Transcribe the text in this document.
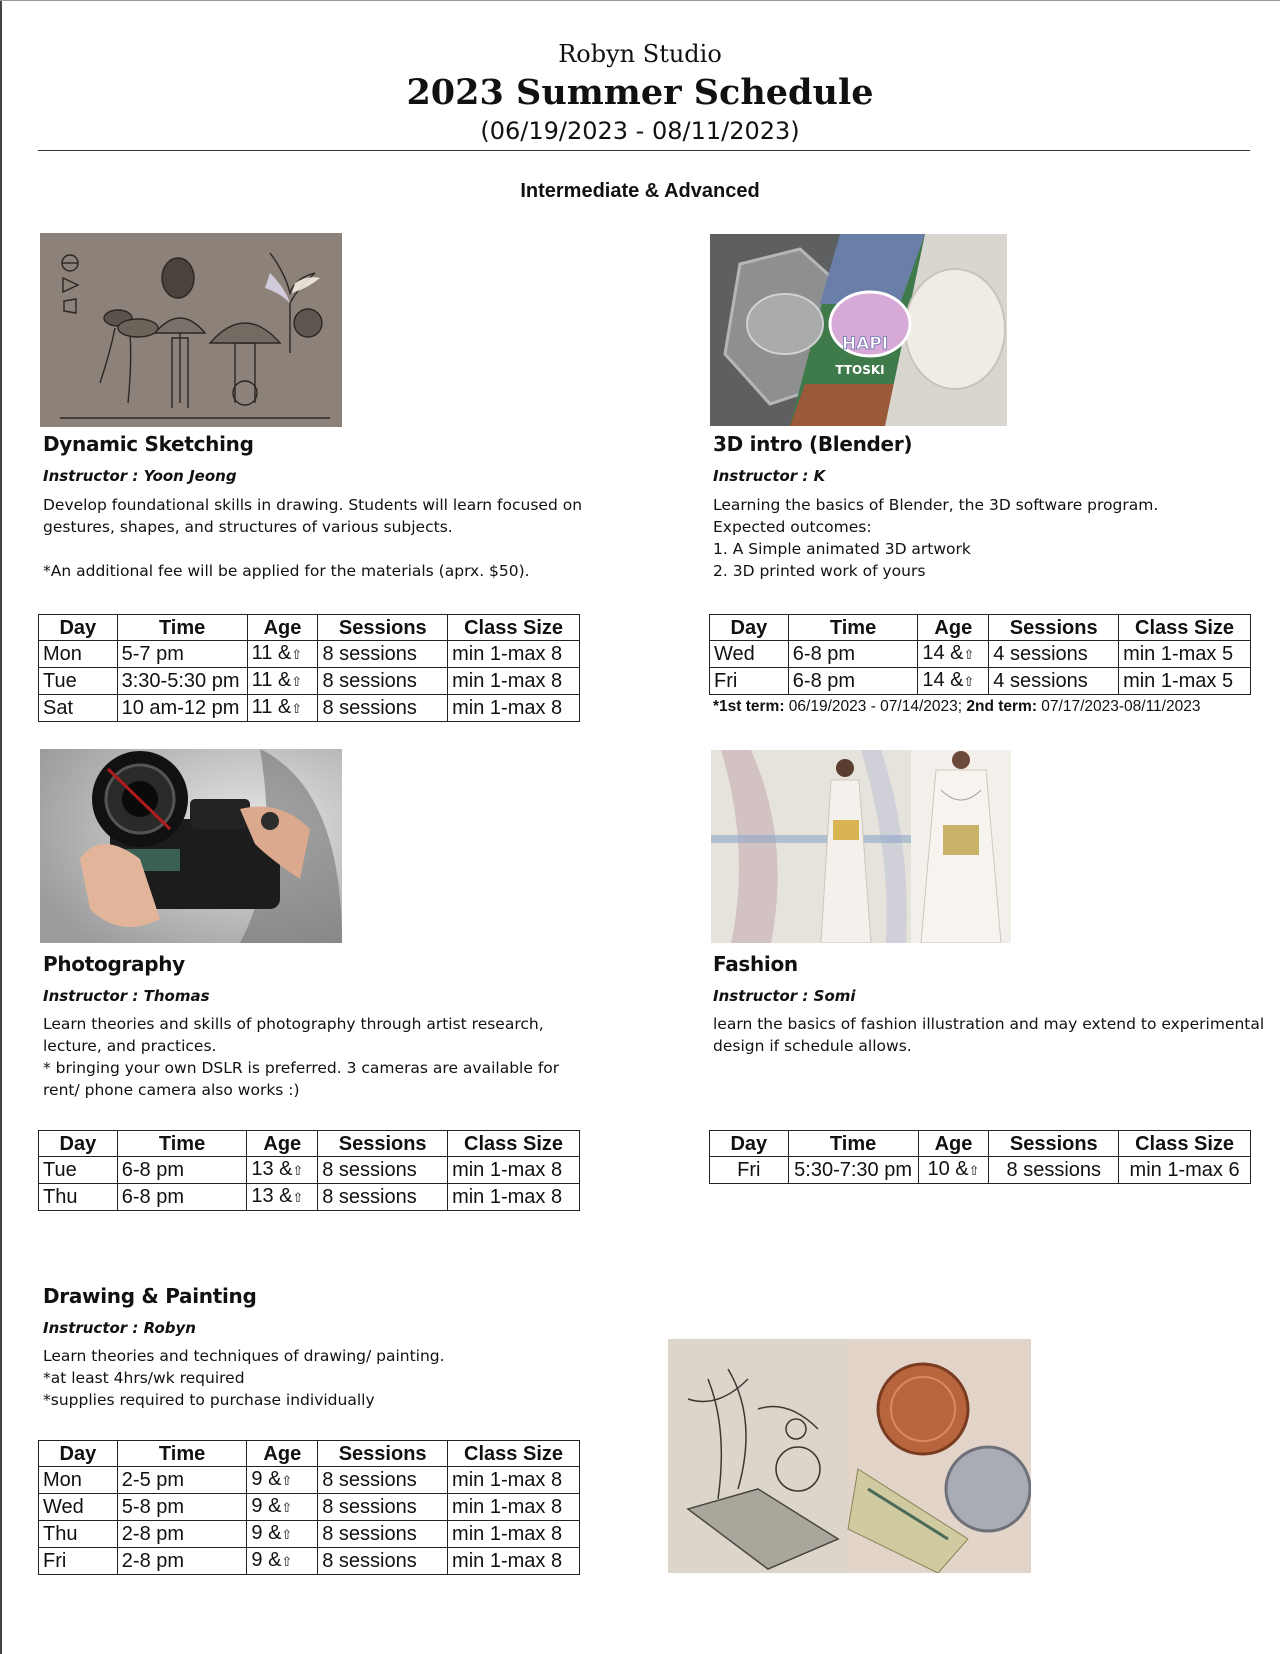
Robyn Studio
2023 Summer Schedule
(06/19/2023 - 08/11/2023)
Intermediate & Advanced
Dynamic Sketching
Instructor : Yoon Jeong
Develop foundational skills in drawing. Students will learn focused on
gestures, shapes, and structures of various subjects.
*An additional fee will be applied for the materials (aprx. $50).
Day	Time	Age	Sessions	Class Size
Mon	5-7 pm	11 &⇧	8 sessions	min 1-max 8
Tue	3:30-5:30 pm	11 &⇧	8 sessions	min 1-max 8
Sat	10 am-12 pm	11 &⇧	8 sessions	min 1-max 8
HAPI
TTOSKI
3D intro (Blender)
Instructor : K
Learning the basics of Blender, the 3D software program.
Expected outcomes:
1. A Simple animated 3D artwork
2. 3D printed work of yours
Day	Time	Age	Sessions	Class Size
Wed	6-8 pm	14 &⇧	4 sessions	min 1-max 5
Fri	6-8 pm	14 &⇧	4 sessions	min 1-max 5
*1st term: 06/19/2023 - 07/14/2023; 2nd term: 07/17/2023-08/11/2023
Photography
Instructor : Thomas
Learn theories and skills of photography through artist research,
lecture, and practices.
* bringing your own DSLR is preferred. 3 cameras are available for
rent/ phone camera also works :)
Day	Time	Age	Sessions	Class Size
Tue	6-8 pm	13 &⇧	8 sessions	min 1-max 8
Thu	6-8 pm	13 &⇧	8 sessions	min 1-max 8
Fashion
Instructor : Somi
learn the basics of fashion illustration and may extend to experimental
design if schedule allows.
Day	Time	Age	Sessions	Class Size
Fri	5:30-7:30 pm	10 &⇧	8 sessions	min 1-max 6
Drawing & Painting
Instructor : Robyn
Learn theories and techniques of drawing/ painting.
*at least 4hrs/wk required
*supplies required to purchase individually
Day	Time	Age	Sessions	Class Size
Mon	2-5 pm	9 &⇧	8 sessions	min 1-max 8
Wed	5-8 pm	9 &⇧	8 sessions	min 1-max 8
Thu	2-8 pm	9 &⇧	8 sessions	min 1-max 8
Fri	2-8 pm	9 &⇧	8 sessions	min 1-max 8
